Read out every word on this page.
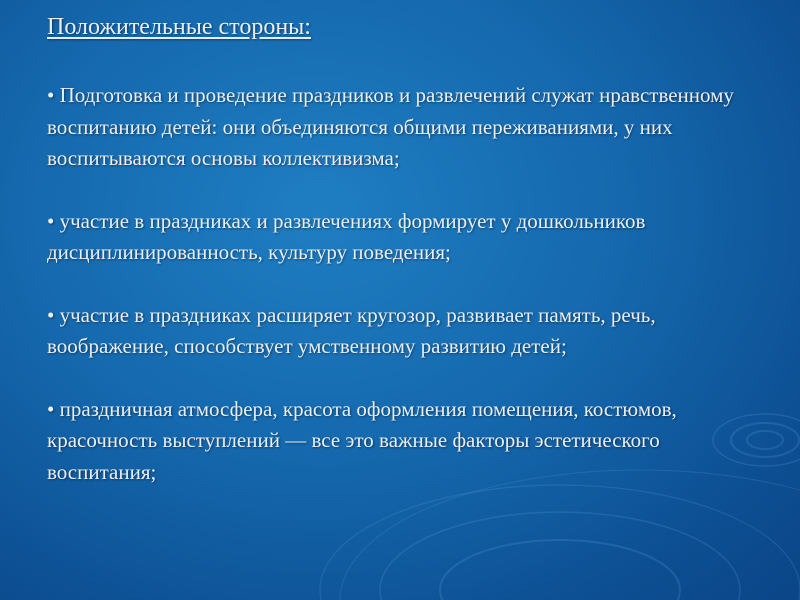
Положительные стороны:
• Подготовка и проведение праздников и развлечений служат нравственному воспитанию детей: они объединяются общими переживаниями, у них воспитываются основы коллективизма;
• участие в праздниках и развлечениях формирует у дошкольников дисциплинированность, культуру поведения;
• участие в праздниках расширяет кругозор, развивает память, речь, воображение, способствует умственному развитию детей;
• праздничная атмосфера, красота оформления помещения, костюмов, красочность выступлений — все это важные факторы эстетического воспитания;
